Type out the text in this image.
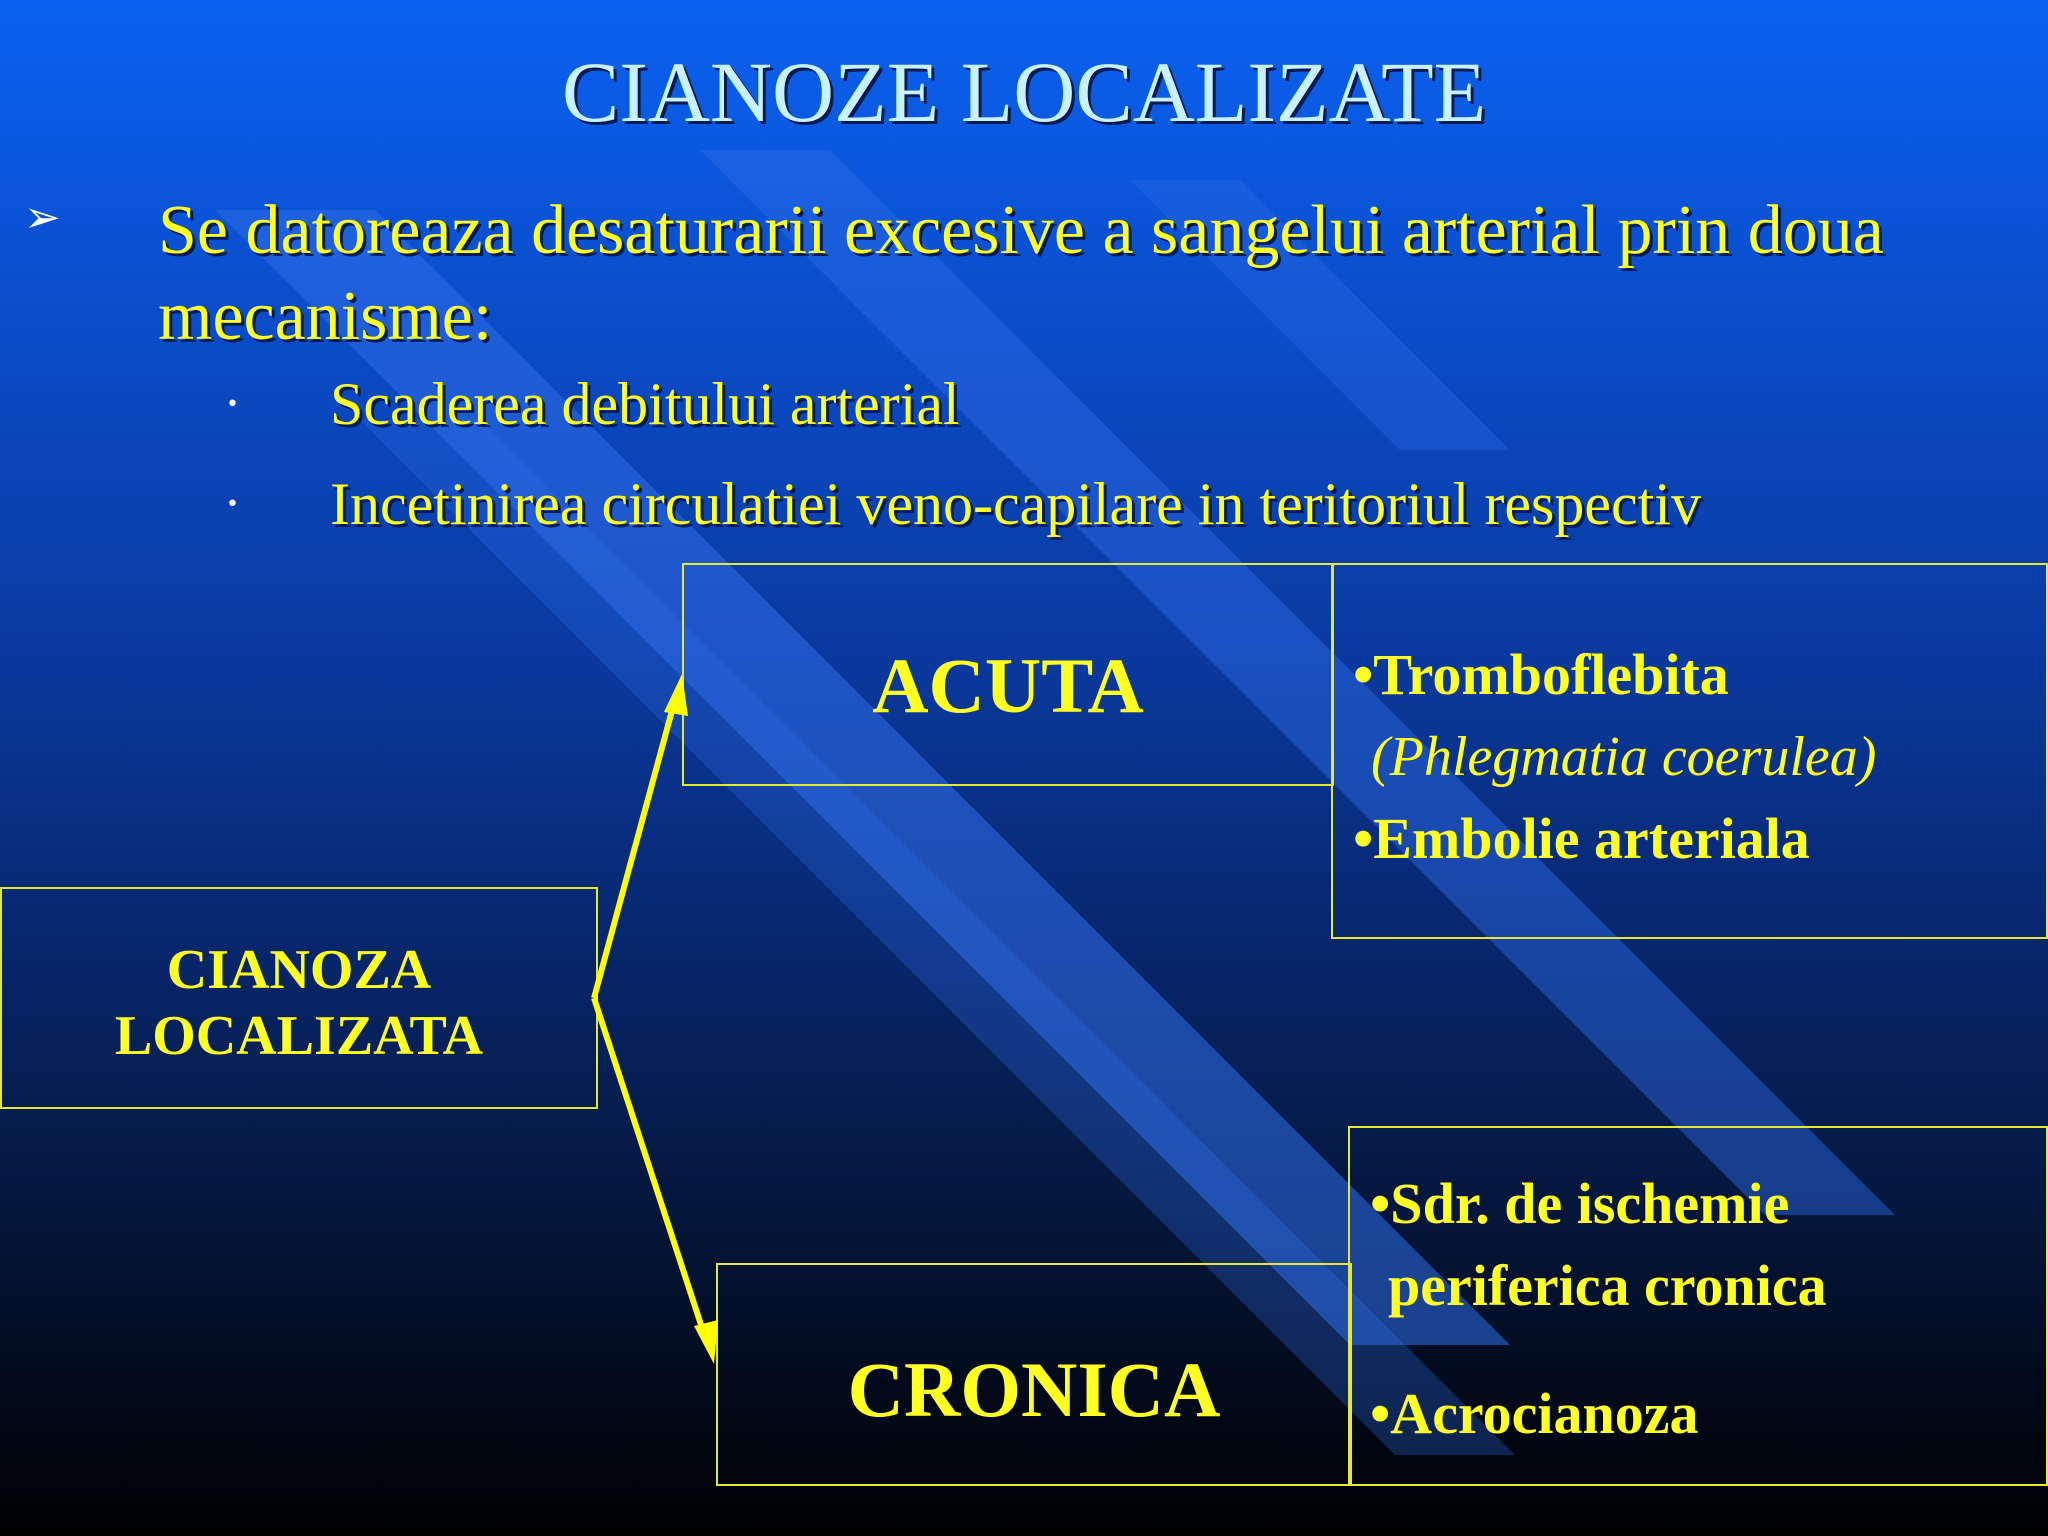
CIANOZE LOCALIZATE
➢ Se datoreaza desaturarii excesive a sangelui arterial prin doua mecanisme:
• Scaderea debitului arterial
• Incetinirea circulatiei veno-capilare in teritoriul respectiv
CIANOZA
LOCALIZATA
ACUTA	•Tromboflebita
(Phlegmatia coerulea)
•Embolie arteriala
CRONICA
•Sdr. de ischemie
periferica cronica
•Acrocianoza
